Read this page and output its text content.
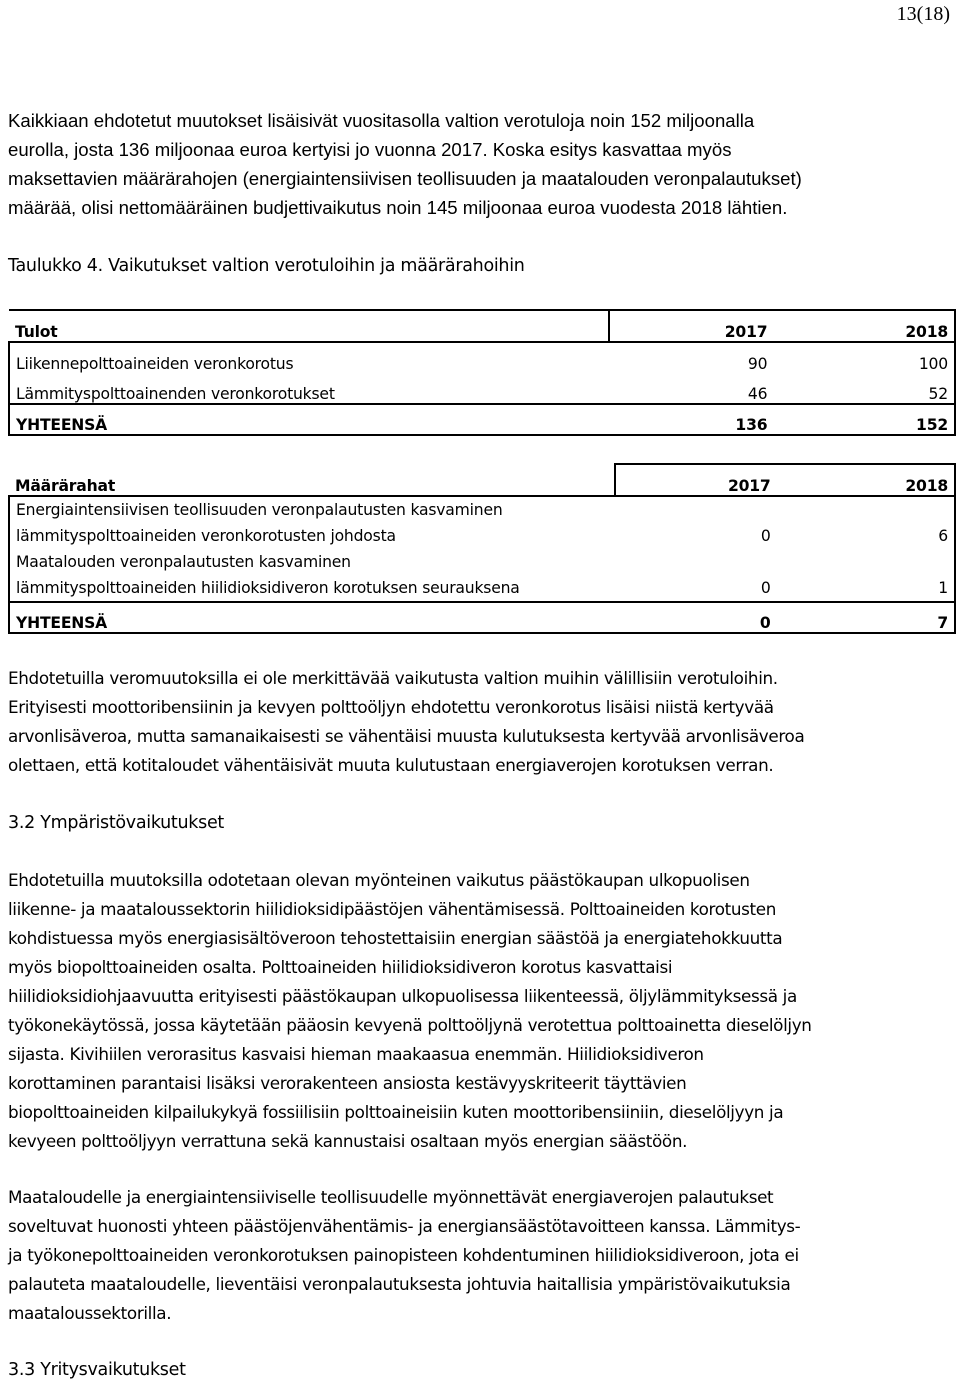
13(18)
Kaikkiaan ehdotetut muutokset lisäisivät vuositasolla valtion verotuloja noin 152 miljoonalla
eurolla, josta 136 miljoonaa euroa kertyisi jo vuonna 2017. Koska esitys kasvattaa myös
maksettavien määrärahojen (energiaintensiivisen teollisuuden ja maatalouden veronpalautukset)
määrää, olisi nettomääräinen budjettivaikutus noin 145 miljoonaa euroa vuodesta 2018 lähtien.
Taulukko 4. Vaikutukset valtion verotuloihin ja määrärahoihin
Tulot	2017	2018
Liikennepolttoaineiden veronkorotus	90	100
Lämmityspolttoainenden veronkorotukset	46	52
YHTEENSÄ	136	152
Määrärahat	2017	2018

Energiaintensiivisen teollisuuden veronpalautusten kasvaminen
lämmityspolttoaineiden veronkorotusten johdosta	0	6

Maatalouden veronpalautusten kasvaminen
lämmityspolttoaineiden hiilidioksidiveron korotuksen seurauksena	0	1
YHTEENSÄ	0	7
Ehdotetuilla veromuutoksilla ei ole merkittävää vaikutusta valtion muihin välillisiin verotuloihin.
Erityisesti moottoribensiinin ja kevyen polttoöljyn ehdotettu veronkorotus lisäisi niistä kertyvää
arvonlisäveroa, mutta samanaikaisesti se vähentäisi muusta kulutuksesta kertyvää arvonlisäveroa
olettaen, että kotitaloudet vähentäisivät muuta kulutustaan energiaverojen korotuksen verran.
3.2 Ympäristövaikutukset
Ehdotetuilla muutoksilla odotetaan olevan myönteinen vaikutus päästökaupan ulkopuolisen
liikenne- ja maataloussektorin hiilidioksidipäästöjen vähentämisessä. Polttoaineiden korotusten
kohdistuessa myös energiasisältöveroon tehostettaisiin energian säästöä ja energiatehokkuutta
myös biopolttoaineiden osalta. Polttoaineiden hiilidioksidiveron korotus kasvattaisi
hiilidioksidiohjaavuutta erityisesti päästökaupan ulkopuolisessa liikenteessä, öljylämmityksessä ja
työkonekäytössä, jossa käytetään pääosin kevyenä polttoöljynä verotettua polttoainetta dieselöljyn
sijasta. Kivihiilen verorasitus kasvaisi hieman maakaasua enemmän. Hiilidioksidiveron
korottaminen parantaisi lisäksi verorakenteen ansiosta kestävyyskriteerit täyttävien
biopolttoaineiden kilpailukykyä fossiilisiin polttoaineisiin kuten moottoribensiiniin, dieselöljyyn ja
kevyeen polttoöljyyn verrattuna sekä kannustaisi osaltaan myös energian säästöön.
Maataloudelle ja energiaintensiiviselle teollisuudelle myönnettävät energiaverojen palautukset
soveltuvat huonosti yhteen päästöjenvähentämis- ja energiansäästötavoitteen kanssa. Lämmitys-
ja työkonepolttoaineiden veronkorotuksen painopisteen kohdentuminen hiilidioksidiveroon, jota ei
palauteta maataloudelle, lieventäisi veronpalautuksesta johtuvia haitallisia ympäristövaikutuksia
maataloussektorilla.
3.3 Yritysvaikutukset
